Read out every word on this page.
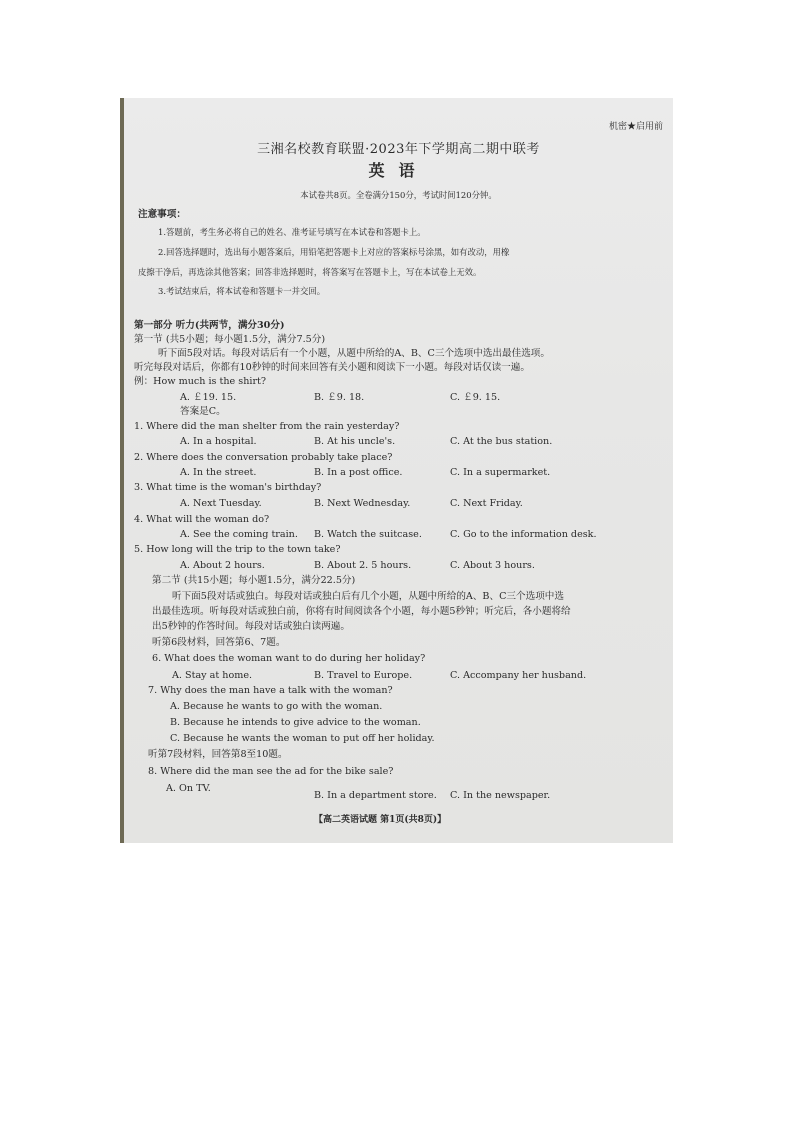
机密★启用前
三湘名校教育联盟·2023年下学期高二期中联考
英语
本试卷共8页。全卷满分150分，考试时间120分钟。
注意事项：
1.答题前，考生务必将自己的姓名、准考证号填写在本试卷和答题卡上。
2.回答选择题时，选出每小题答案后，用铅笔把答题卡上对应的答案标号涂黑，如有改动，用橡
皮擦干净后，再选涂其他答案；回答非选择题时，将答案写在答题卡上，写在本试卷上无效。
3.考试结束后，将本试卷和答题卡一并交回。
第一部分 听力(共两节，满分30分)
第一节 (共5小题；每小题1.5分，满分7.5分)
听下面5段对话。每段对话后有一个小题，从题中所给的A、B、C三个选项中选出最佳选项。
听完每段对话后，你都有10秒钟的时间来回答有关小题和阅读下一小题。每段对话仅读一遍。
例：How much is the shirt?
A. ￡19. 15.	B. ￡9. 18.	C. ￡9. 15.
答案是C。
1. Where did the man shelter from the rain yesterday?
A. In a hospital.	B. At his uncle's.	C. At the bus station.
2. Where does the conversation probably take place?
A. In the street.	B. In a post office.	C. In a supermarket.
3. What time is the woman's birthday?
A. Next Tuesday.	B. Next Wednesday.	C. Next Friday.
4. What will the woman do?
A. See the coming train. B. Watch the suitcase.	C. Go to the information desk.
5. How long will the trip to the town take?
A. About 2 hours.	B. About 2. 5 hours.	C. About 3 hours.
第二节 (共15小题；每小题1.5分，满分22.5分)
听下面5段对话或独白。每段对话或独白后有几个小题，从题中所给的A、B、C三个选项中选
出最佳选项。听每段对话或独白前，你将有时间阅读各个小题，每小题5秒钟；听完后，各小题将给
出5秒钟的作答时间。每段对话或独白读两遍。
听第6段材料，回答第6、7题。
6. What does the woman want to do during her holiday?
A. Stay at home.	B. Travel to Europe.	C. Accompany her husband.
7. Why does the man have a talk with the woman?
A. Because he wants to go with the woman.
B. Because he intends to give advice to the woman.
C. Because he wants the woman to put off her holiday.
听第7段材料，回答第8至10题。
8. Where did the man see the ad for the bike sale?
A. On TV.
B. In a department store. C. In the newspaper.
【高二英语试题 第1页(共8页)】
